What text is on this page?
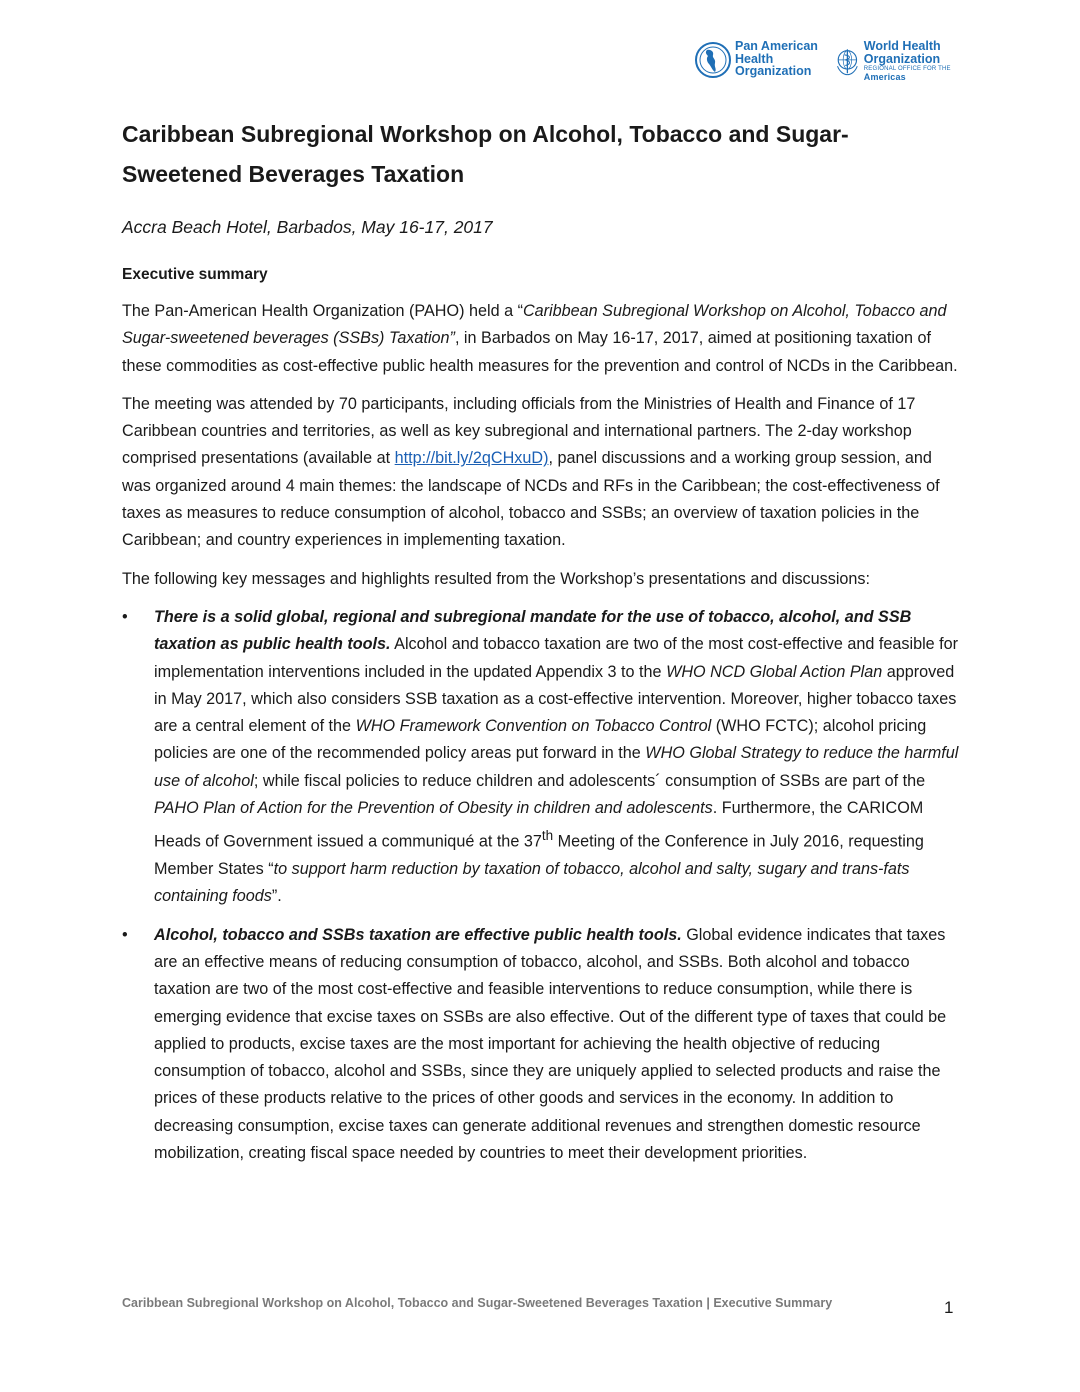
Pan American
Health
Organization
World Health
Organization
REGIONAL OFFICE FOR THE Americas
Caribbean Subregional Workshop on Alcohol, Tobacco and Sugar-Sweetened Beverages Taxation

Accra Beach Hotel, Barbados, May 16-17, 2017

Executive summary

The Pan-American Health Organization (PAHO) held a “Caribbean Subregional Workshop on Alcohol, Tobacco and Sugar-sweetened beverages (SSBs) Taxation”, in Barbados on May 16-17, 2017, aimed at positioning taxation of these commodities as cost-effective public health measures for the prevention and control of NCDs in the Caribbean.

The meeting was attended by 70 participants, including officials from the Ministries of Health and Finance of 17 Caribbean countries and territories, as well as key subregional and international partners. The 2-day workshop comprised presentations (available at http://bit.ly/2qCHxuD), panel discussions and a working group session, and was organized around 4 main themes: the landscape of NCDs and RFs in the Caribbean; the cost-effectiveness of taxes as measures to reduce consumption of alcohol, tobacco and SSBs; an overview of taxation policies in the Caribbean; and country experiences in implementing taxation.

The following key messages and highlights resulted from the Workshop’s presentations and discussions:

• There is a solid global, regional and subregional mandate for the use of tobacco, alcohol, and SSB taxation as public health tools. Alcohol and tobacco taxation are two of the most cost-effective and feasible for implementation interventions included in the updated Appendix 3 to the WHO NCD Global Action Plan approved in May 2017, which also considers SSB taxation as a cost-effective intervention. Moreover, higher tobacco taxes are a central element of the WHO Framework Convention on Tobacco Control (WHO FCTC); alcohol pricing policies are one of the recommended policy areas put forward in the WHO Global Strategy to reduce the harmful use of alcohol; while fiscal policies to reduce children and adolescents´ consumption of SSBs are part of the PAHO Plan of Action for the Prevention of Obesity in children and adolescents. Furthermore, the CARICOM Heads of Government issued a communiqué at the 37th Meeting of the Conference in July 2016, requesting Member States “to support harm reduction by taxation of tobacco, alcohol and salty, sugary and trans-fats containing foods”.
• Alcohol, tobacco and SSBs taxation are effective public health tools. Global evidence indicates that taxes are an effective means of reducing consumption of tobacco, alcohol, and SSBs. Both alcohol and tobacco taxation are two of the most cost-effective and feasible interventions to reduce consumption, while there is emerging evidence that excise taxes on SSBs are also effective. Out of the different type of taxes that could be applied to products, excise taxes are the most important for achieving the health objective of reducing consumption of tobacco, alcohol and SSBs, since they are uniquely applied to selected products and raise the prices of these products relative to the prices of other goods and services in the economy. In addition to decreasing consumption, excise taxes can generate additional revenues and strengthen domestic resource mobilization, creating fiscal space needed by countries to meet their development priorities.
Caribbean Subregional Workshop on Alcohol, Tobacco and Sugar-Sweetened Beverages Taxation | Executive Summary	1
